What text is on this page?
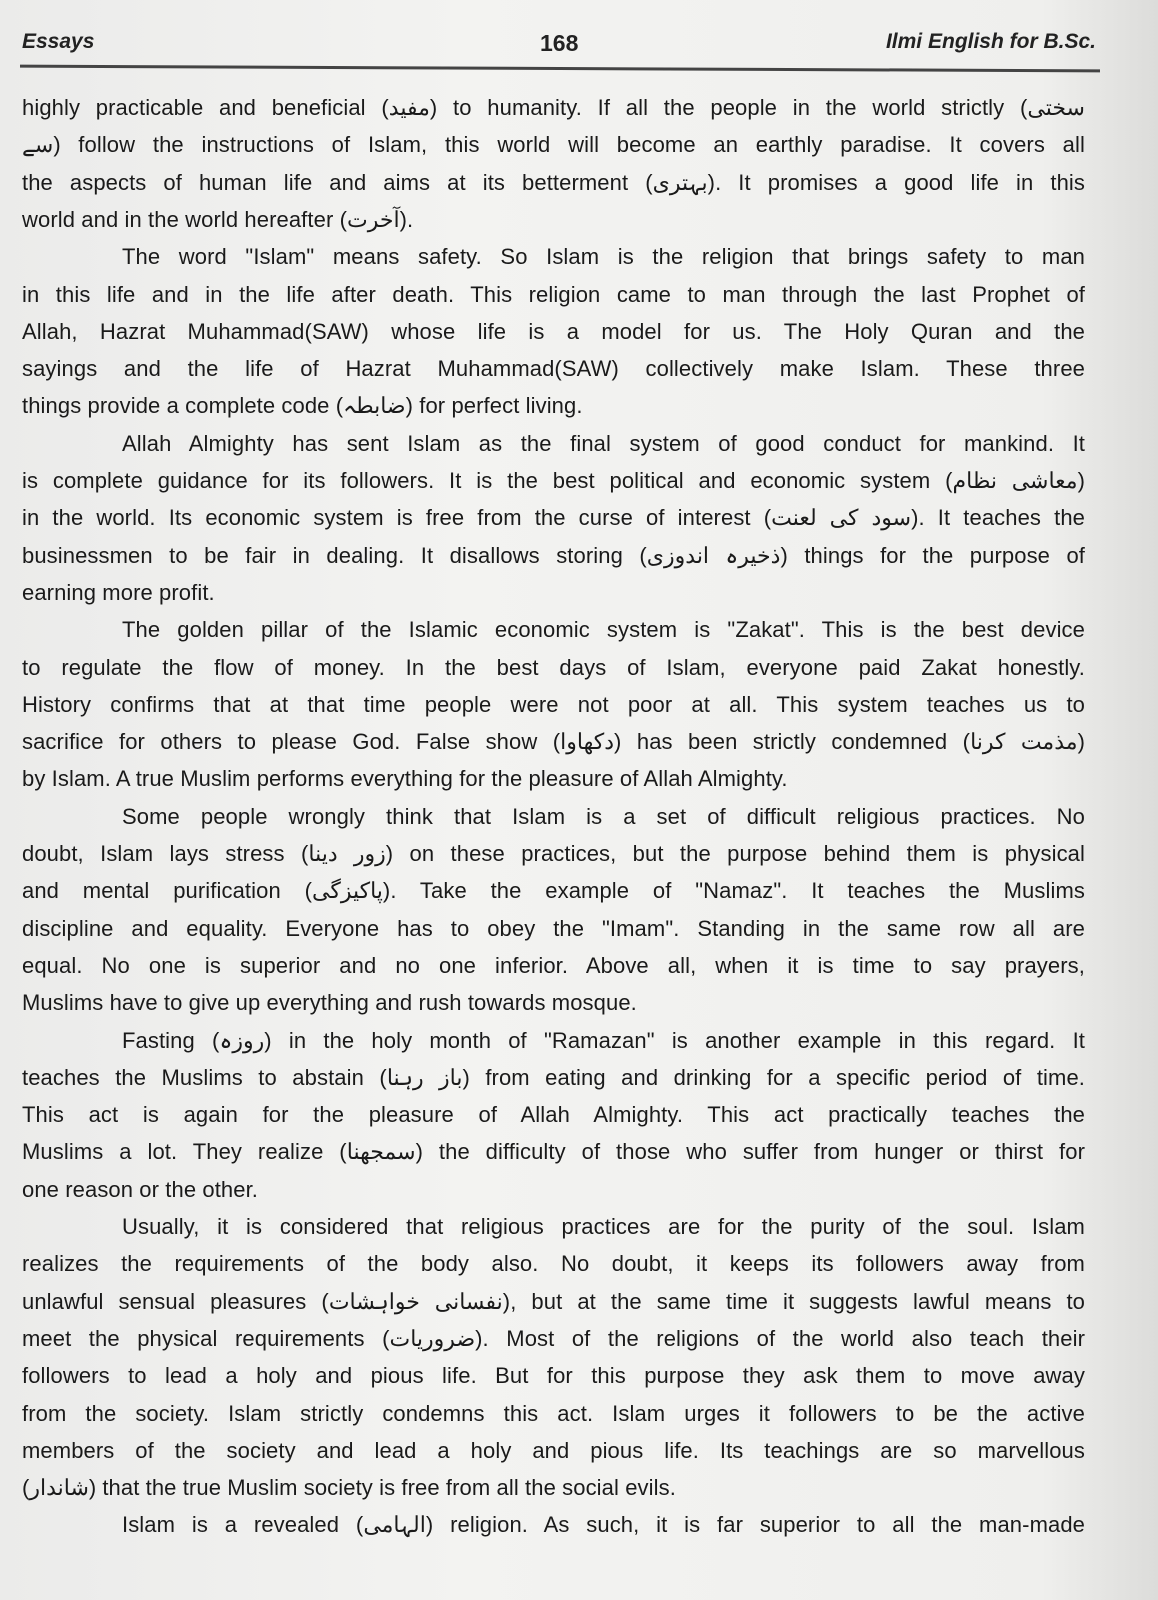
Essays	168	Ilmi English for B.Sc.
highly practicable and beneficial (مفید) to humanity. If all the people in the world strictly (سختی
سے) follow the instructions of Islam, this world will become an earthly paradise. It covers all
the aspects of human life and aims at its betterment (بہتری). It promises a good life in this
world and in the world hereafter (آخرت).
The word "Islam" means safety. So Islam is the religion that brings safety to man
in this life and in the life after death. This religion came to man through the last Prophet of
Allah, Hazrat Muhammad(SAW) whose life is a model for us. The Holy Quran and the
sayings and the life of Hazrat Muhammad(SAW) collectively make Islam. These three
things provide a complete code (ضابطہ) for perfect living.
Allah Almighty has sent Islam as the final system of good conduct for mankind. It
is complete guidance for its followers. It is the best political and economic system (معاشی نظام)
in the world. Its economic system is free from the curse of interest (سود کی لعنت). It teaches the
businessmen to be fair in dealing. It disallows storing (ذخیرہ اندوزی) things for the purpose of
earning more profit.
The golden pillar of the Islamic economic system is "Zakat". This is the best device
to regulate the flow of money. In the best days of Islam, everyone paid Zakat honestly.
History confirms that at that time people were not poor at all. This system teaches us to
sacrifice for others to please God. False show (دکھاوا) has been strictly condemned (مذمت کرنا)
by Islam. A true Muslim performs everything for the pleasure of Allah Almighty.
Some people wrongly think that Islam is a set of difficult religious practices. No
doubt, Islam lays stress (زور دینا) on these practices, but the purpose behind them is physical
and mental purification (پاکیزگی). Take the example of "Namaz". It teaches the Muslims
discipline and equality. Everyone has to obey the "Imam". Standing in the same row all are
equal. No one is superior and no one inferior. Above all, when it is time to say prayers,
Muslims have to give up everything and rush towards mosque.
Fasting (روزہ) in the holy month of "Ramazan" is another example in this regard. It
teaches the Muslims to abstain (باز رہنا) from eating and drinking for a specific period of time.
This act is again for the pleasure of Allah Almighty. This act practically teaches the
Muslims a lot. They realize (سمجھنا) the difficulty of those who suffer from hunger or thirst for
one reason or the other.
Usually, it is considered that religious practices are for the purity of the soul. Islam
realizes the requirements of the body also. No doubt, it keeps its followers away from
unlawful sensual pleasures (نفسانی خواہشات), but at the same time it suggests lawful means to
meet the physical requirements (ضروریات). Most of the religions of the world also teach their
followers to lead a holy and pious life. But for this purpose they ask them to move away
from the society. Islam strictly condemns this act. Islam urges it followers to be the active
members of the society and lead a holy and pious life. Its teachings are so marvellous
(شاندار) that the true Muslim society is free from all the social evils.
Islam is a revealed (الہامی) religion. As such, it is far superior to all the man-made
